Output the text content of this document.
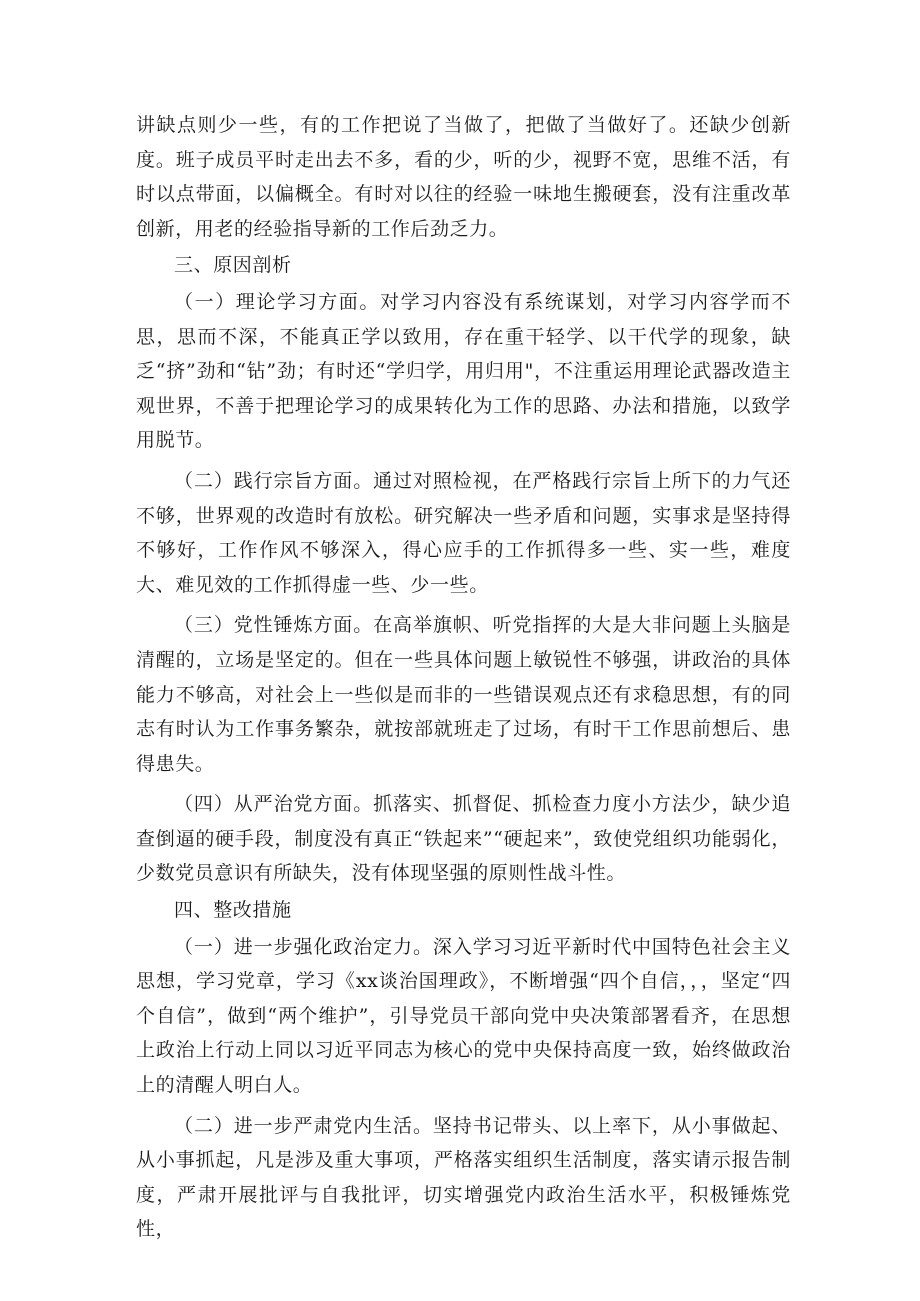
讲缺点则少一些，有的工作把说了当做了，把做了当做好了。还缺少创新度。班子成员平时走出去不多，看的少，听的少，视野不宽，思维不活，有时以点带面，以偏概全。有时对以往的经验一味地生搬硬套，没有注重改革创新，用老的经验指导新的工作后劲乏力。

三、原因剖析

（一）理论学习方面。对学习内容没有系统谋划，对学习内容学而不思，思而不深，不能真正学以致用，存在重干轻学、以干代学的现象，缺乏“挤”劲和“钻”劲；有时还“学归学，用归用"，不注重运用理论武器改造主观世界，不善于把理论学习的成果转化为工作的思路、办法和措施，以致学用脱节。

（二）践行宗旨方面。通过对照检视，在严格践行宗旨上所下的力气还不够，世界观的改造时有放松。研究解决一些矛盾和问题，实事求是坚持得不够好，工作作风不够深入，得心应手的工作抓得多一些、实一些，难度大、难见效的工作抓得虚一些、少一些。

（三）党性锤炼方面。在高举旗帜、听党指挥的大是大非问题上头脑是清醒的，立场是坚定的。但在一些具体问题上敏锐性不够强，讲政治的具体能力不够高，对社会上一些似是而非的一些错误观点还有求稳思想，有的同志有时认为工作事务繁杂，就按部就班走了过场，有时干工作思前想后、患得患失。

（四）从严治党方面。抓落实、抓督促、抓检查力度小方法少，缺少追查倒逼的硬手段，制度没有真正“铁起来”“硬起来”，致使党组织功能弱化，少数党员意识有所缺失，没有体现坚强的原则性战斗性。

四、整改措施

（一）进一步强化政治定力。深入学习习近平新时代中国特色社会主义思想，学习党章，学习《xx谈治国理政》，不断增强“四个自信，，，坚定“四个自信”，做到“两个维护”，引导党员干部向党中央决策部署看齐，在思想上政治上行动上同以习近平同志为核心的党中央保持高度一致，始终做政治上的清醒人明白人。

（二）进一步严肃党内生活。坚持书记带头、以上率下，从小事做起、从小事抓起，凡是涉及重大事项，严格落实组织生活制度，落实请示报告制度，严肃开展批评与自我批评，切实增强党内政治生活水平，积极锤炼党性，
